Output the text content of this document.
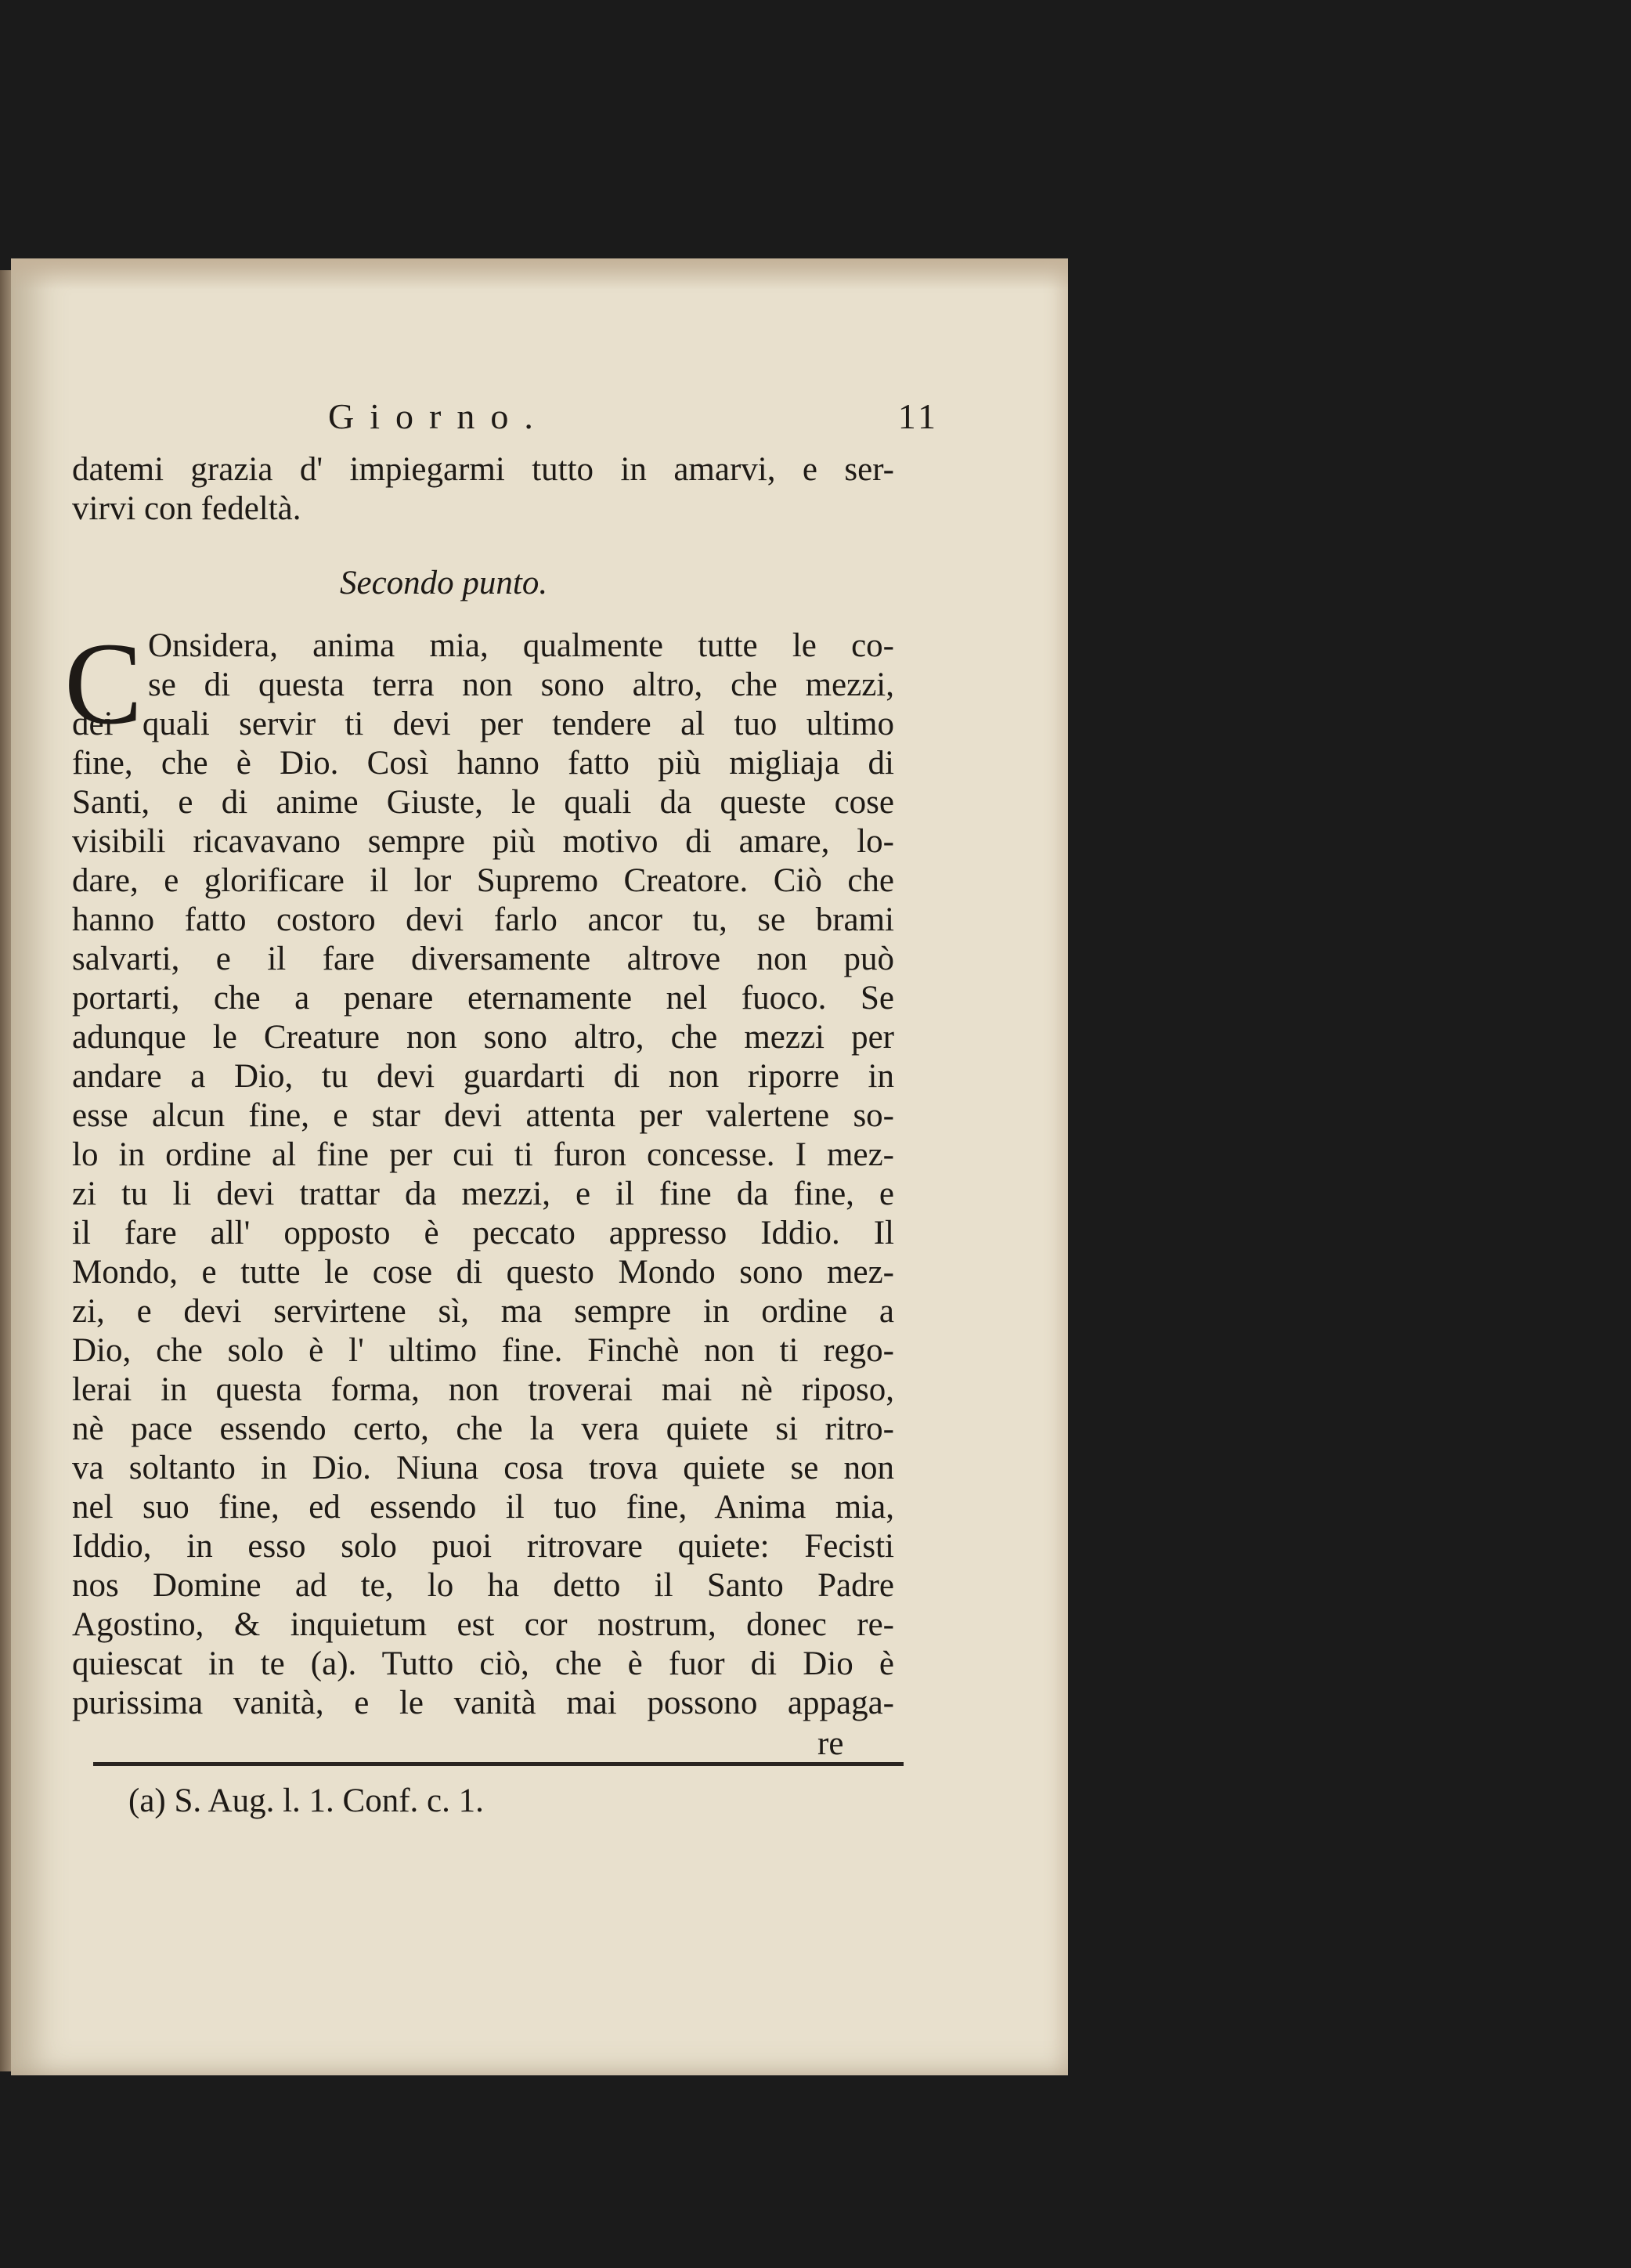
Giorno.	11
datemi grazia d' impiegarmi tutto in amarvi, e ser-
virvi con fedeltà.
Secondo punto.
C Onsidera, anima mia, qualmente tutte le co-
se di questa terra non sono altro, che mezzi,
dei quali servir ti devi per tendere al tuo ultimo
fine, che è Dio. Così hanno fatto più migliaja di
Santi, e di anime Giuste, le quali da queste cose
visibili ricavavano sempre più motivo di amare, lo-
dare, e glorificare il lor Supremo Creatore. Ciò che
hanno fatto costoro devi farlo ancor tu, se brami
salvarti, e il fare diversamente altrove non può
portarti, che a penare eternamente nel fuoco. Se
adunque le Creature non sono altro, che mezzi per
andare a Dio, tu devi guardarti di non riporre in
esse alcun fine, e star devi attenta per valertene so-
lo in ordine al fine per cui ti furon concesse. I mez-
zi tu li devi trattar da mezzi, e il fine da fine, e
il fare all' opposto è peccato appresso Iddio. Il
Mondo, e tutte le cose di questo Mondo sono mez-
zi, e devi servirtene sì, ma sempre in ordine a
Dio, che solo è l' ultimo fine. Finchè non ti rego-
lerai in questa forma, non troverai mai nè riposo,
nè pace essendo certo, che la vera quiete si ritro-
va soltanto in Dio. Niuna cosa trova quiete se non
nel suo fine, ed essendo il tuo fine, Anima mia,
Iddio, in esso solo puoi ritrovare quiete: Fecisti
nos Domine ad te, lo ha detto il Santo Padre
Agostino, & inquietum est cor nostrum, donec re-
quiescat in te (a). Tutto ciò, che è fuor di Dio è
purissima vanità, e le vanità mai possono appaga-
re
(a) S. Aug. l. 1. Conf. c. 1.
